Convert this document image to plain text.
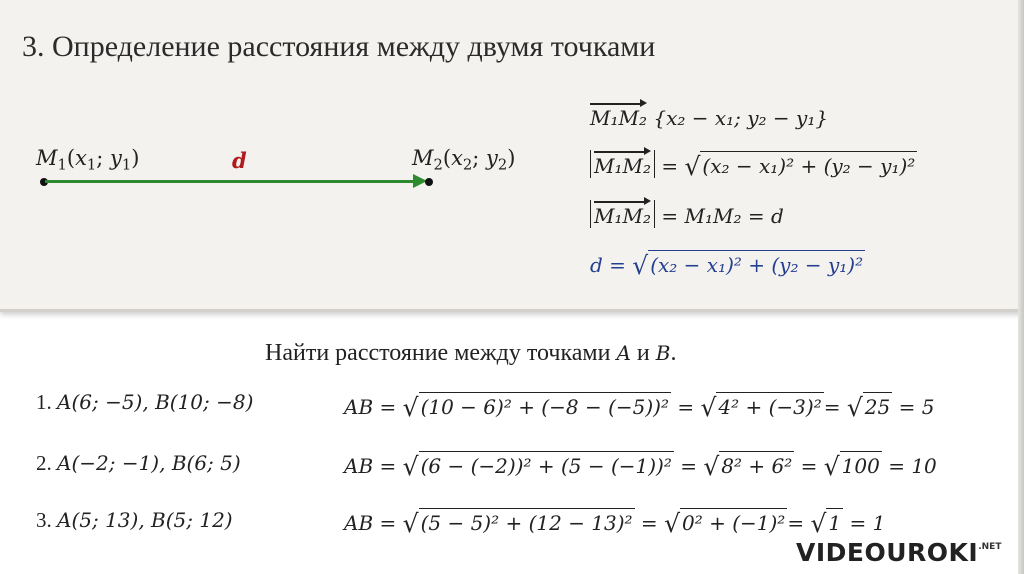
3. Определение расстояния между двумя точками
$M_1(x_1$; $y_1$)	d	$M_2(x_2$; $y_2$)
M₁M₂ {x₂ − x₁; y₂ − y₁}
M₁M₂ = √ (x₂ − x₁)² + (y₂ − y₁)²
M₁M₂ = M₁M₂ = d
d = √ (x₂ − x₁)² + (y₂ − y₁)²
Найти расстояние между точками A и B.
1. A(6; −5), B(10; −8)	AB = √ (10 − 6)² + (−8 − (−5))² = √ 4² + (−3)² = √ 25 = 5
2. A(−2; −1), B(6; 5)	AB = √ (6 − (−2))² + (5 − (−1))² = √ 8² + 6² = √ 100 = 10
3. A(5; 13), B(5; 12)	AB = √ (5 − 5)² + (12 − 13)² = √ 0² + (−1)² = √ 1 = 1
$VIDEOUROKI^{.NET}$
